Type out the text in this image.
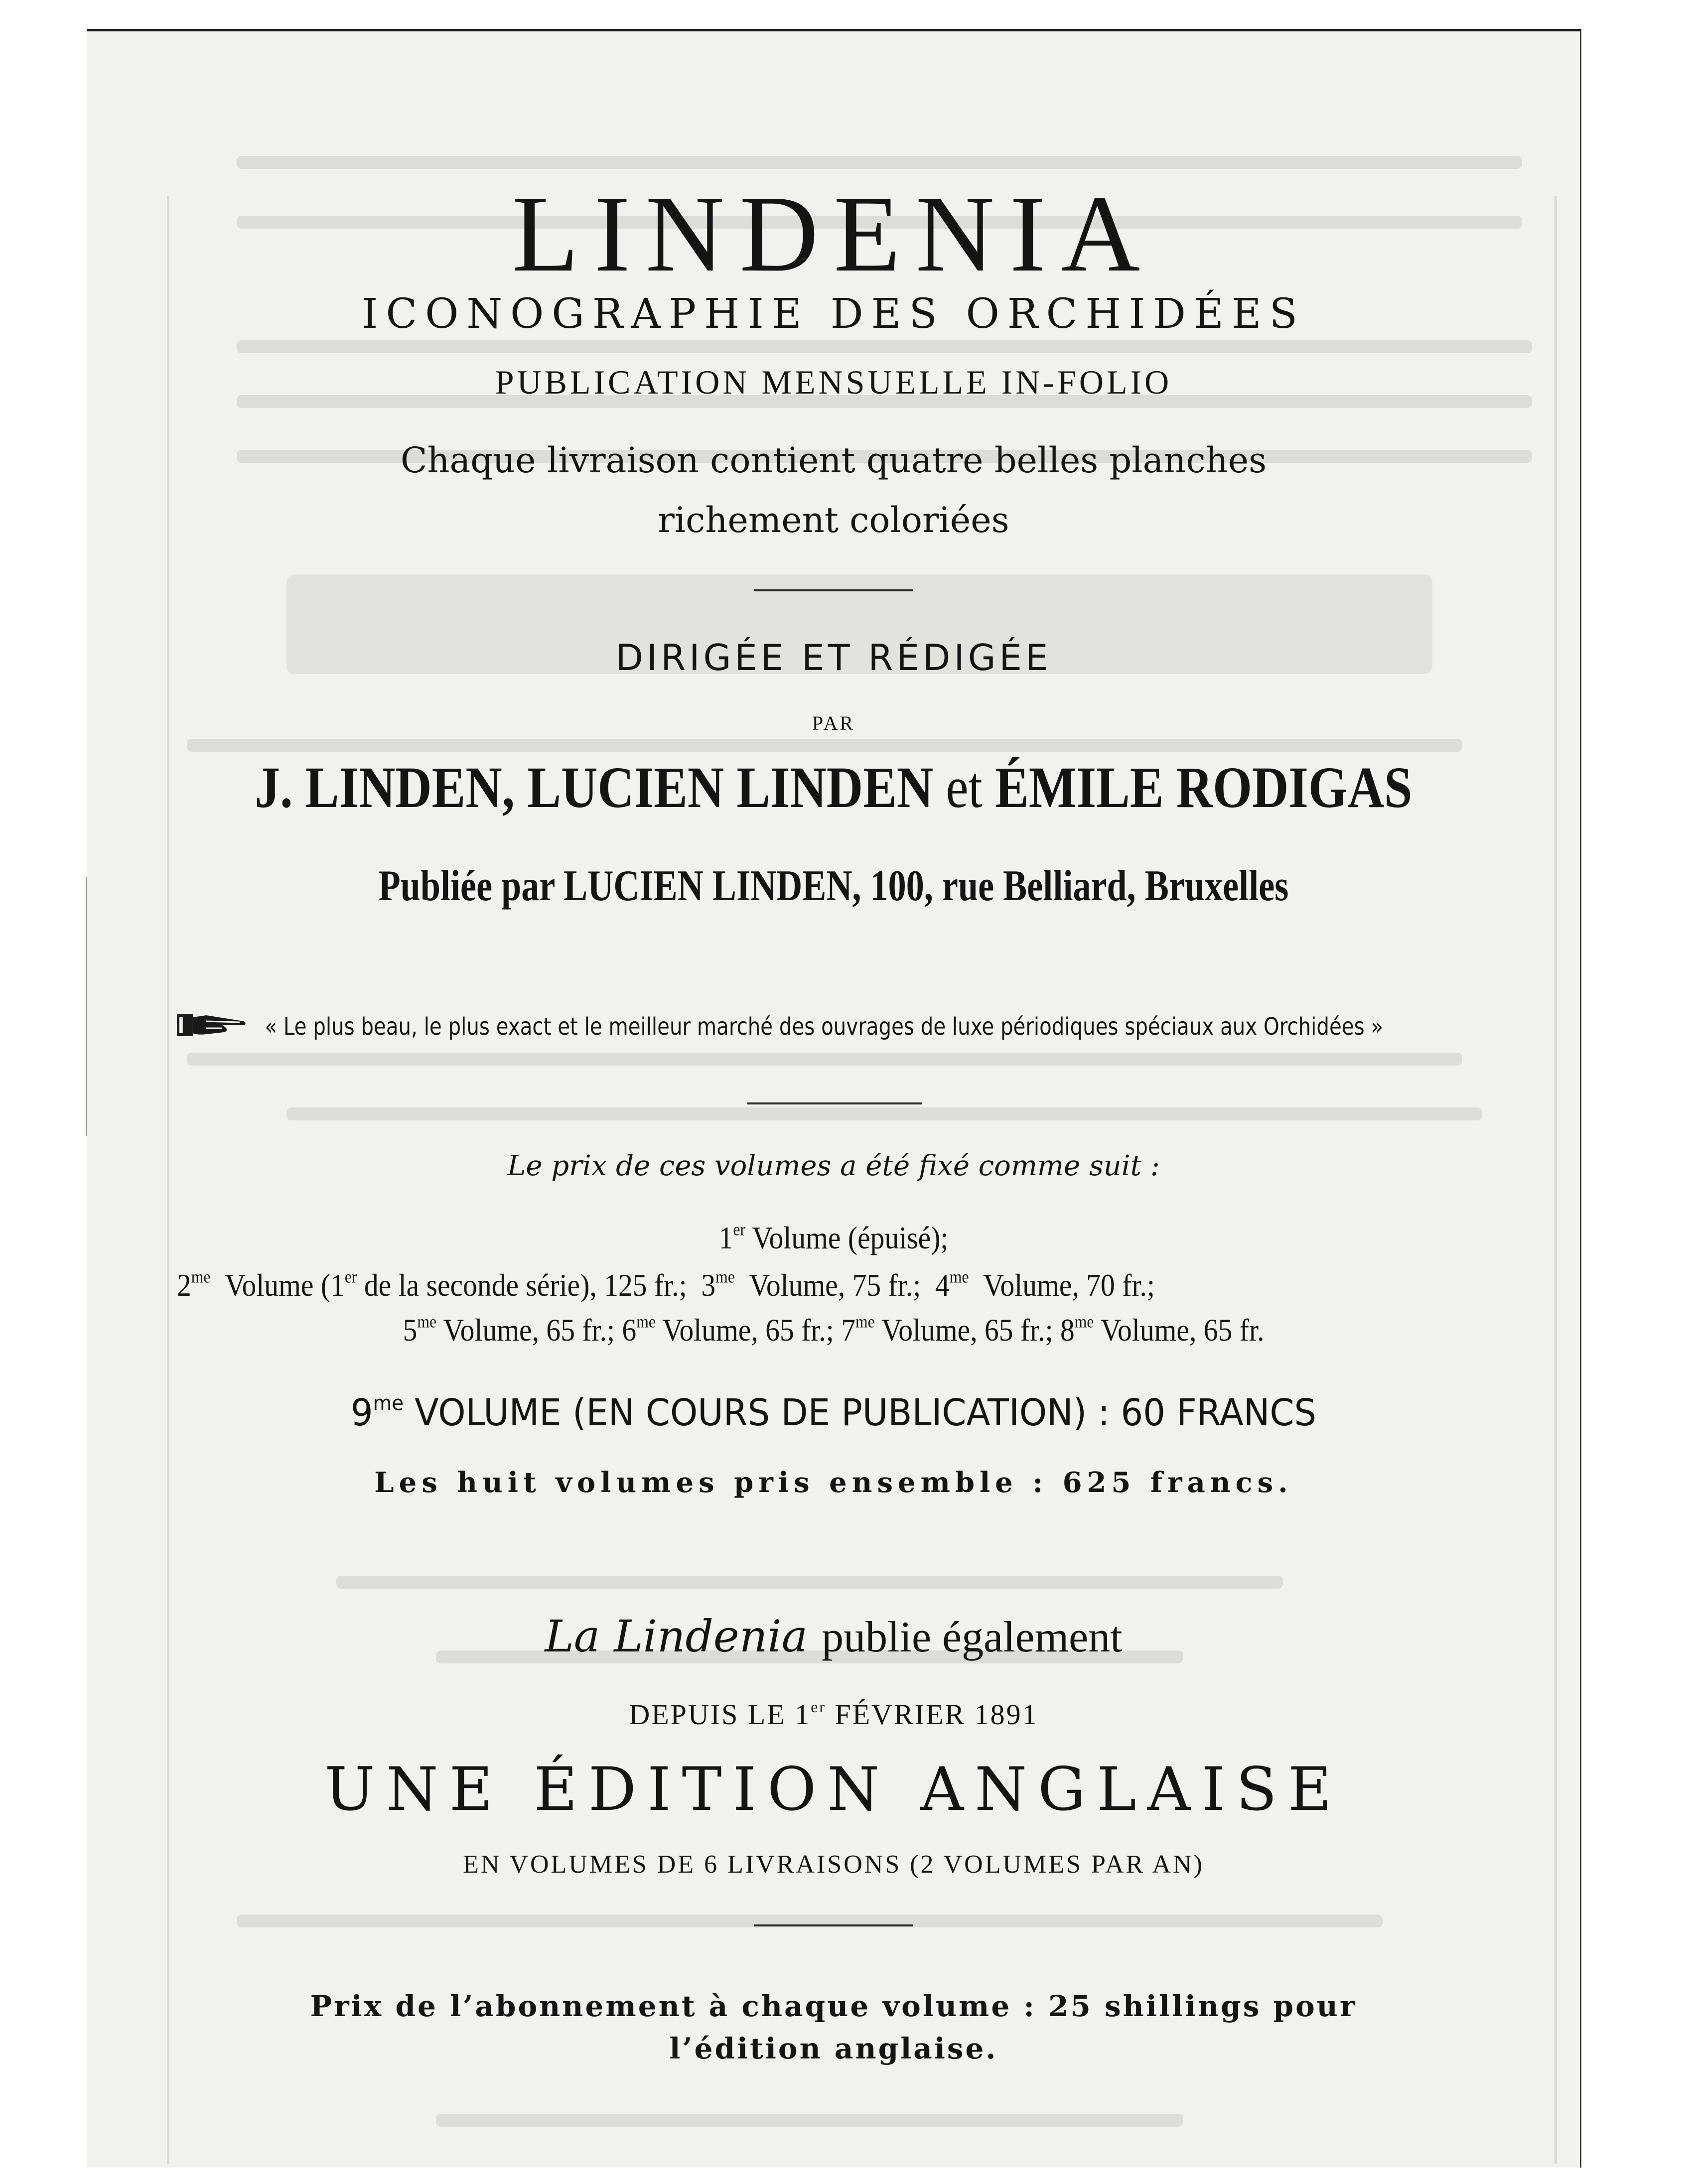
LINDENIA
ICONOGRAPHIE DES ORCHIDÉES
PUBLICATION MENSUELLE IN-FOLIO
Chaque livraison contient quatre belles planches
richement coloriées
DIRIGÉE ET RÉDIGÉE
PAR
J. LINDEN, LUCIEN LINDEN et ÉMILE RODIGAS
Publiée par LUCIEN LINDEN, 100, rue Belliard, Bruxelles
« Le plus beau, le plus exact et le meilleur marché des ouvrages de luxe périodiques spéciaux aux Orchidées »
Le prix de ces volumes a été fixé comme suit :
1er Volume (épuisé);
$2^{me}$ Volume (1er de la seconde série), 125 fr.; $3^{me}$ Volume, 75 fr.; $4^{me}$ Volume, 70 fr.;
$5^{me}$ Volume, 65 fr.; $6^{me}$ Volume, 65 fr.; $7^{me}$ Volume, 65 fr.; $8^{me}$ Volume, 65 fr.
$9^{me}$ VOLUME (EN COURS DE PUBLICATION) : 60 FRANCS
Les huit volumes pris ensemble : 625 francs.
La Lindenia publie également
DEPUIS LE 1er FÉVRIER 1891
UNE ÉDITION ANGLAISE
EN VOLUMES DE 6 LIVRAISONS (2 VOLUMES PAR AN)
Prix de l’abonnement à chaque volume : 25 shillings pour
l’édition anglaise.
